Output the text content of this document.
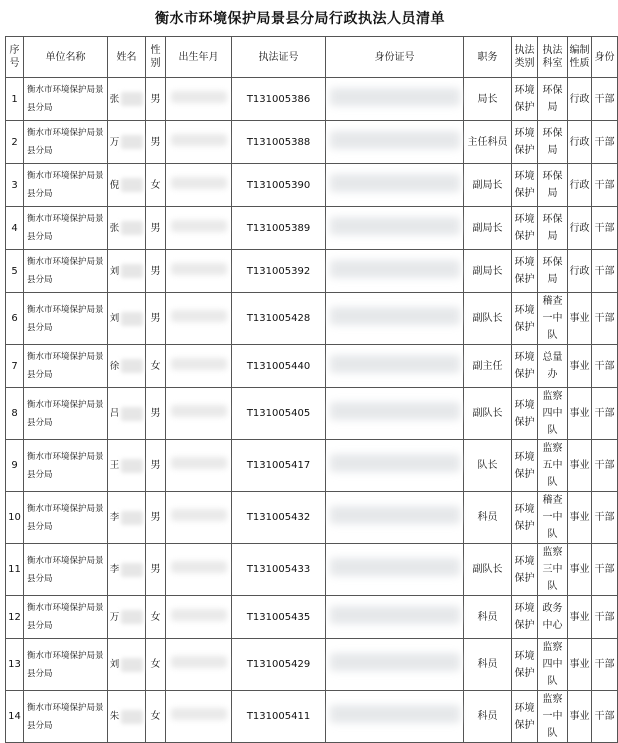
衡水市环境保护局景县分局行政执法人员清单
序号	单位名称	姓名	性别	出生年月	执法证号	身份证号	职务	执法类别	执法科室	编制性质	身份
1	衡水市环境保护局景县分局	张	男		T131005386		局长	环境保护	环保局	行政	干部
2	衡水市环境保护局景县分局	万	男		T131005388		主任科员	环境保护	环保局	行政	干部
3	衡水市环境保护局景县分局	倪	女		T131005390		副局长	环境保护	环保局	行政	干部
4	衡水市环境保护局景县分局	张	男		T131005389		副局长	环境保护	环保局	行政	干部
5	衡水市环境保护局景县分局	刘	男		T131005392		副局长	环境保护	环保局	行政	干部
6	衡水市环境保护局景县分局	刘	男		T131005428		副队长	环境保护	稽查一中队	事业	干部
7	衡水市环境保护局景县分局	徐	女		T131005440		副主任	环境保护	总量办	事业	干部
8	衡水市环境保护局景县分局	吕	男		T131005405		副队长	环境保护	监察四中队	事业	干部
9	衡水市环境保护局景县分局	王	男		T131005417		队长	环境保护	监察五中队	事业	干部
10	衡水市环境保护局景县分局	李	男		T131005432		科员	环境保护	稽查一中队	事业	干部
11	衡水市环境保护局景县分局	李	男		T131005433		副队长	环境保护	监察三中队	事业	干部
12	衡水市环境保护局景县分局	万	女		T131005435		科员	环境保护	政务中心	事业	干部
13	衡水市环境保护局景县分局	刘	女		T131005429		科员	环境保护	监察四中队	事业	干部
14	衡水市环境保护局景县分局	朱	女		T131005411		科员	环境保护	监察一中队	事业	干部
